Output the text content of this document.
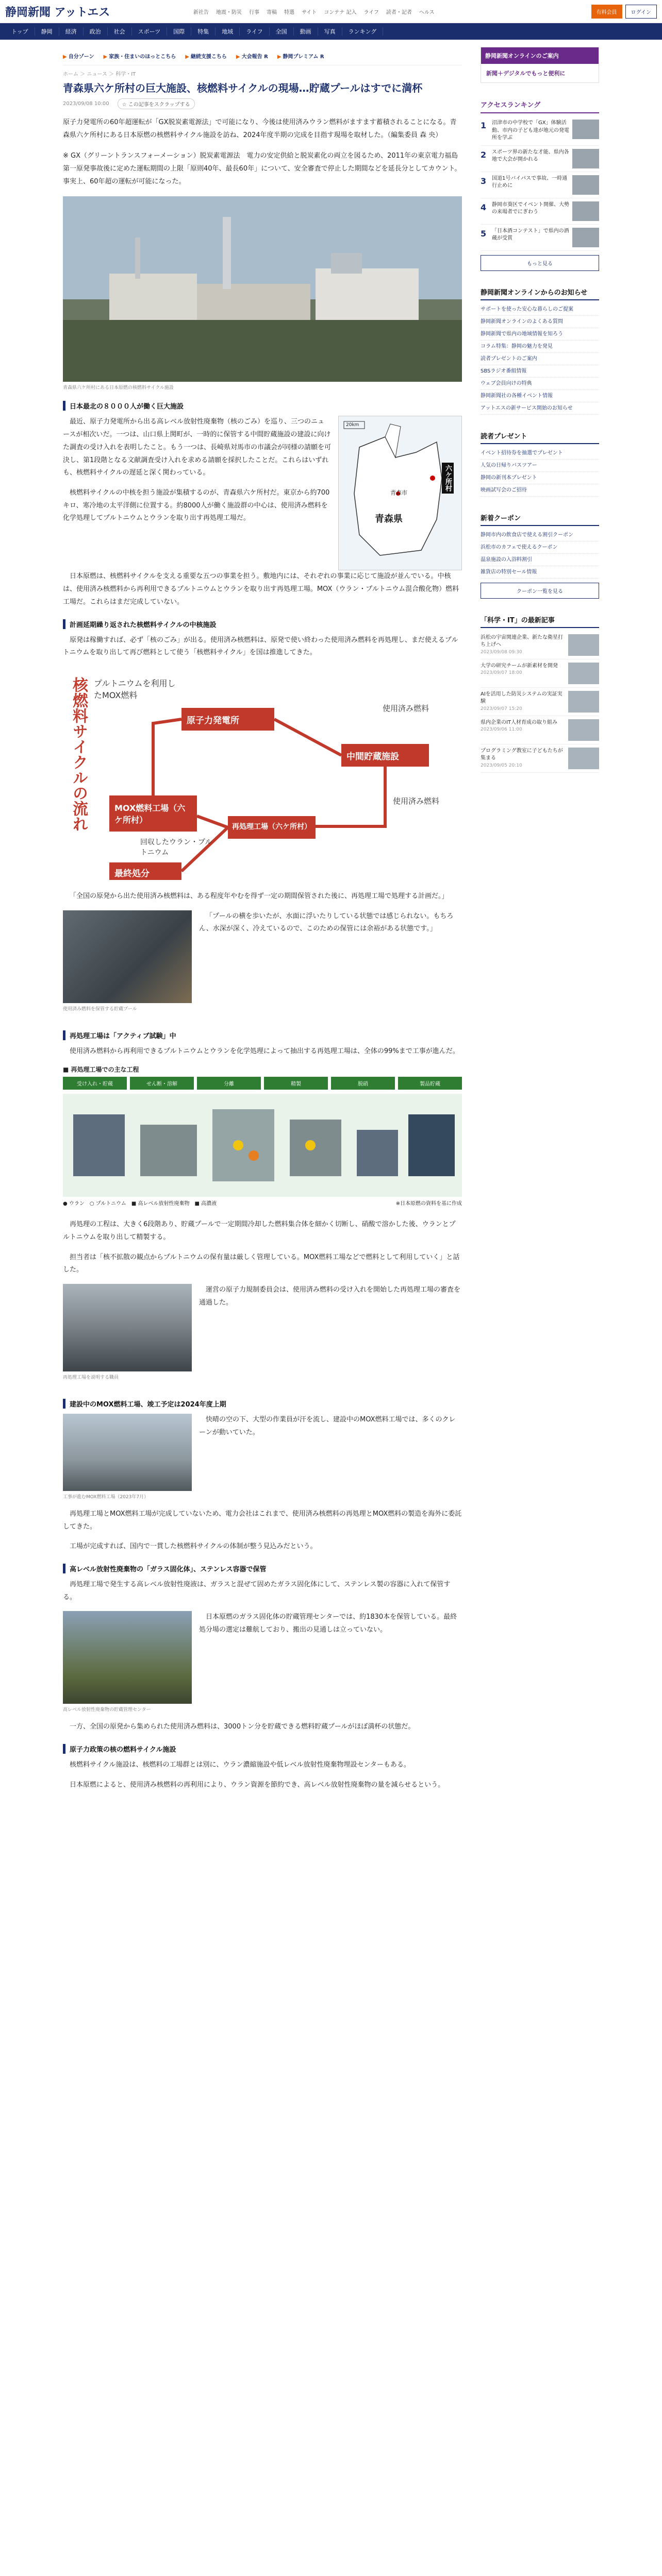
静岡新聞 アットエス	新社告	地震・防災	行事	寄稿	特選	サイト	コンテナ 記入	ライフ	読者・記者	ヘルス	有料会員	ログイン
トップ	静岡	経済	政治	社会	スポーツ	国際	特集	地域	ライフ	全国	動画	写真	ランキング
▶ 自分ゾーン ▶ 家族・住まいのほっとこちら ▶ 継続支援こちら ▶ 大会報告 R ▶ 静岡プレミアム R
ホーム ＞ ニュース ＞ 科学・IT
青森県六ケ所村の巨大施設、核燃料サイクルの現場…貯蔵プールはすでに満杯
2023/09/08 10:00	☆ この記事をスクラップする

原子力発電所の60年超運転が「GX脱炭素電源法」で可能になり、今後は使用済みウラン燃料がますます蓄積されることになる。青森県六ケ所村にある日本原燃の核燃料サイクル施設を訪ね、2024年度半期の完成を目指す現場を取材した。（編集委員 森 央）

※ GX（グリーントランスフォーメーション）脱炭素電源法　電力の安定供給と脱炭素化の両立を図るため、2011年の東京電力福島第一原発事故後に定めた運転期間の上限「原則40年、最長60年」について、安全審査で停止した期間などを延長分としてカウント。事実上、60年超の運転が可能になった。

青森県六ケ所村にある日本原燃の核燃料サイクル施設
日本最北の８０００人が働く巨大施設

最近、原子力発電所から出る高レベル放射性廃棄物（核のごみ）を巡り、三つのニュースが相次いだ。一つは、山口県上関町が、一時的に保管する中間貯蔵施設の建設に向けた調査の受け入れを表明したこと。もう一つは、長崎県対馬市の市議会が同様の請願を可決し、第1段階となる文献調査受け入れを求める請願を採択したことだ。これらはいずれも、核燃料サイクルの遅延と深く関わっている。

核燃料サイクルの中核を担う施設が集積するのが、青森県六ケ所村だ。東京から約700キロ、寒冷地の太平洋側に位置する。約8000人が働く施設群の中心は、使用済み燃料を化学処理してプルトニウムとウランを取り出す再処理工場だ。

20km
青森県
青森市
六ケ所村

日本原燃は、核燃料サイクルを支える重要な五つの事業を担う。敷地内には、それぞれの事業に応じて施設が並んでいる。中核は、使用済み核燃料から再利用できるプルトニウムとウランを取り出す再処理工場。MOX（ウラン・プルトニウム混合酸化物）燃料工場だ。これらはまだ完成していない。

計画延期繰り返された核燃料サイクルの中核施設

原発は稼働すれば、必ず「核のごみ」が出る。使用済み核燃料は、原発で使い終わった使用済み燃料を再処理し、まだ使えるプルトニウムを取り出して再び燃料として使う「核燃料サイクル」を国は推進してきた。

核燃料サイクルの流れ プルトニウムを利用したMOX燃料
原子力発電所
中間貯蔵施設
MOX燃料工場（六ケ所村）
再処理工場（六ケ所村）
使用済み燃料
使用済み燃料
回収したウラン・プルトニウム
最終処分

「全国の原発から出た使用済み核燃料は、ある程度年やむを得ず一定の期間保管された後に、再処理工場で処理する計画だ。」

使用済み燃料を保管する貯蔵プール

「プールの横を歩いたが、水面に浮いたりしている状態では感じられない。もちろん、水深が深く、冷えているので、このための保管には余裕がある状態です。」

再処理工場は「アクティブ試験」中

使用済み燃料から再利用できるプルトニウムとウランを化学処理によって抽出する再処理工場は、全体の99%まで工事が進んだ。

■ 再処理工場での主な工程
受け入れ・貯蔵	せん断・溶解	分離	精製	脱硝	製品貯蔵
● ウラン　○ プルトニウム　■ 高レベル放射性廃棄物　■ 高濃液	※日本原燃の資料を基に作成

再処理の工程は、大きく6段階あり、貯蔵プールで一定期間冷却した燃料集合体を細かく切断し、硝酸で溶かした後、ウランとプルトニウムを取り出して精製する。

担当者は「核不拡散の観点からプルトニウムの保有量は厳しく管理している。MOX燃料工場などで燃料として利用していく」と話した。

再処理工場を説明する職員

運営の原子力規制委員会は、使用済み燃料の受け入れを開始した再処理工場の審査を通過した。

建設中のMOX燃料工場、竣工予定は2024年度上期
工事が進むMOX燃料工場（2023年7月）

快晴の空の下、大型の作業員が汗を流し、建設中のMOX燃料工場では、多くのクレーンが動いていた。

再処理工場とMOX燃料工場が完成していないため、電力会社はこれまで、使用済み核燃料の再処理とMOX燃料の製造を海外に委託してきた。

工場が完成すれば、国内で一貫した核燃料サイクルの体制が整う見込みだという。

高レベル放射性廃棄物の「ガラス固化体」、ステンレス容器で保管

再処理工場で発生する高レベル放射性廃液は、ガラスと混ぜて固めたガラス固化体にして、ステンレス製の容器に入れて保管する。

高レベル放射性廃棄物の貯蔵管理センター

日本原燃のガラス固化体の貯蔵管理センターでは、約1830本を保管している。最終処分場の選定は難航しており、搬出の見通しは立っていない。

一方、全国の原発から集められた使用済み燃料は、3000トン分を貯蔵できる燃料貯蔵プールがほぼ満杯の状態だ。

原子力政策の核の燃料サイクル施設

核燃料サイクル施設は、核燃料の工場群とは別に、ウラン濃縮施設や低レベル放射性廃棄物埋設センターもある。

日本原燃によると、使用済み核燃料の再利用により、ウラン資源を節約でき、高レベル放射性廃棄物の量を減らせるという。

静岡新聞オンラインのご案内
新聞＋デジタルでもっと便利に
アクセスランキング
1	沼津市の中学校で「GX」体験活動、市内の子ども達が地元の発電所を学ぶ
2	スポーツ界の新たな才能、県内各地で大会が開かれる
3	国道1号バイパスで事故、一時通行止めに
4	静岡市葵区でイベント開催、大勢の来場者でにぎわう
5	「日本酒コンテスト」で県内の酒蔵が受賞
もっと見る
静岡新聞オンラインからのお知らせ
サポートを使った安心な暮らしのご提案
静岡新聞オンラインのよくある質問
静岡新聞で県内の地域情報を知ろう
コラム特集：静岡の魅力を発見
読者プレゼントのご案内
SBSラジオ番組情報
ウェブ会員向けの特典
静岡新聞社の各種イベント情報
アットエスの新サービス開始のお知らせ
読者プレゼント
イベント招待券を抽選でプレゼント
人気の日帰りバスツアー
静岡の新刊本プレゼント
映画試写会のご招待
新着クーポン
静岡市内の飲食店で使える割引クーポン
浜松市のカフェで使えるクーポン
温泉施設の入浴料割引
雑貨店の特別セール情報
クーポン一覧を見る
「科学・IT」の最新記事
浜松の宇宙関連企業、新たな衛星打ち上げへ
2023/09/08 09:30
大学の研究チームが新素材を開発
2023/09/07 18:00
AIを活用した防災システムの実証実験
2023/09/07 15:20
県内企業のIT人材育成の取り組み
2023/09/06 11:00
プログラミング教室に子どもたちが集まる
2023/09/05 20:10
